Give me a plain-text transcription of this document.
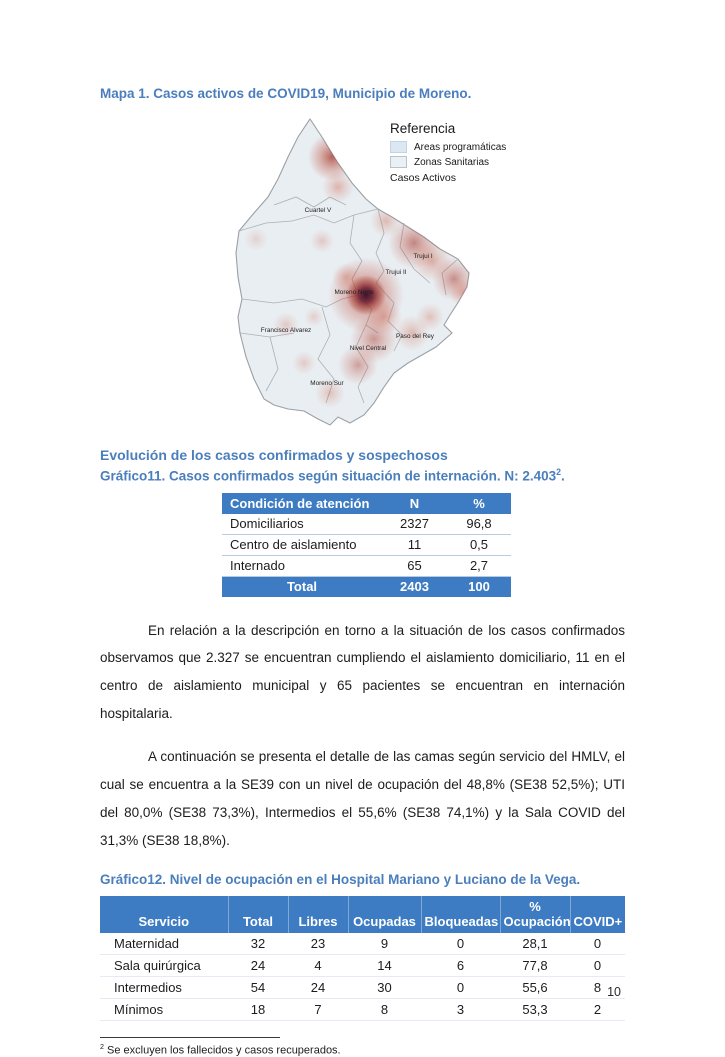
Mapa 1. Casos activos de COVID19, Municipio de Moreno.
Cuartel V
Trujui I
Trujui II
Moreno Norte
Francisco Alvarez
Paso del Rey
Nivel Central
Moreno Sur
Referencia
Areas programáticas
Zonas Sanitarias
Casos Activos
Evolución de los casos confirmados y sospechosos
Gráfico11. Casos confirmados según situación de internación. N: 2.403$^2$.
Condición de atención	N	%
Domiciliarios	2327	96,8
Centro de aislamiento	11	0,5
Internado	65	2,7
Total	2403	100

En relación a la descripción en torno a la situación de los casos confirmados observamos que 2.327 se encuentran cumpliendo el aislamiento domiciliario, 11 en el centro de aislamiento municipal y 65 pacientes se encuentran en internación hospitalaria.

A continuación se presenta el detalle de las camas según servicio del HMLV, el cual se encuentra a la SE39 con un nivel de ocupación del 48,8% (SE38 52,5%); UTI del 80,0% (SE38 73,3%), Intermedios el 55,6% (SE38 74,1%) y la Sala COVID del 31,3% (SE38 18,8%).

Gráfico12. Nivel de ocupación en el Hospital Mariano y Luciano de la Vega.
Servicio	Total	Libres	Ocupadas	Bloqueadas	% Ocupación	COVID+
Maternidad	32	23	9	0	28,1	0
Sala quirúrgica	24	4	14	6	77,8	0
Intermedios	54	24	30	0	55,6	8
Mínimos	18	7	8	3	53,3	2
$^2$ Se excluyen los fallecidos y casos recuperados.
10
